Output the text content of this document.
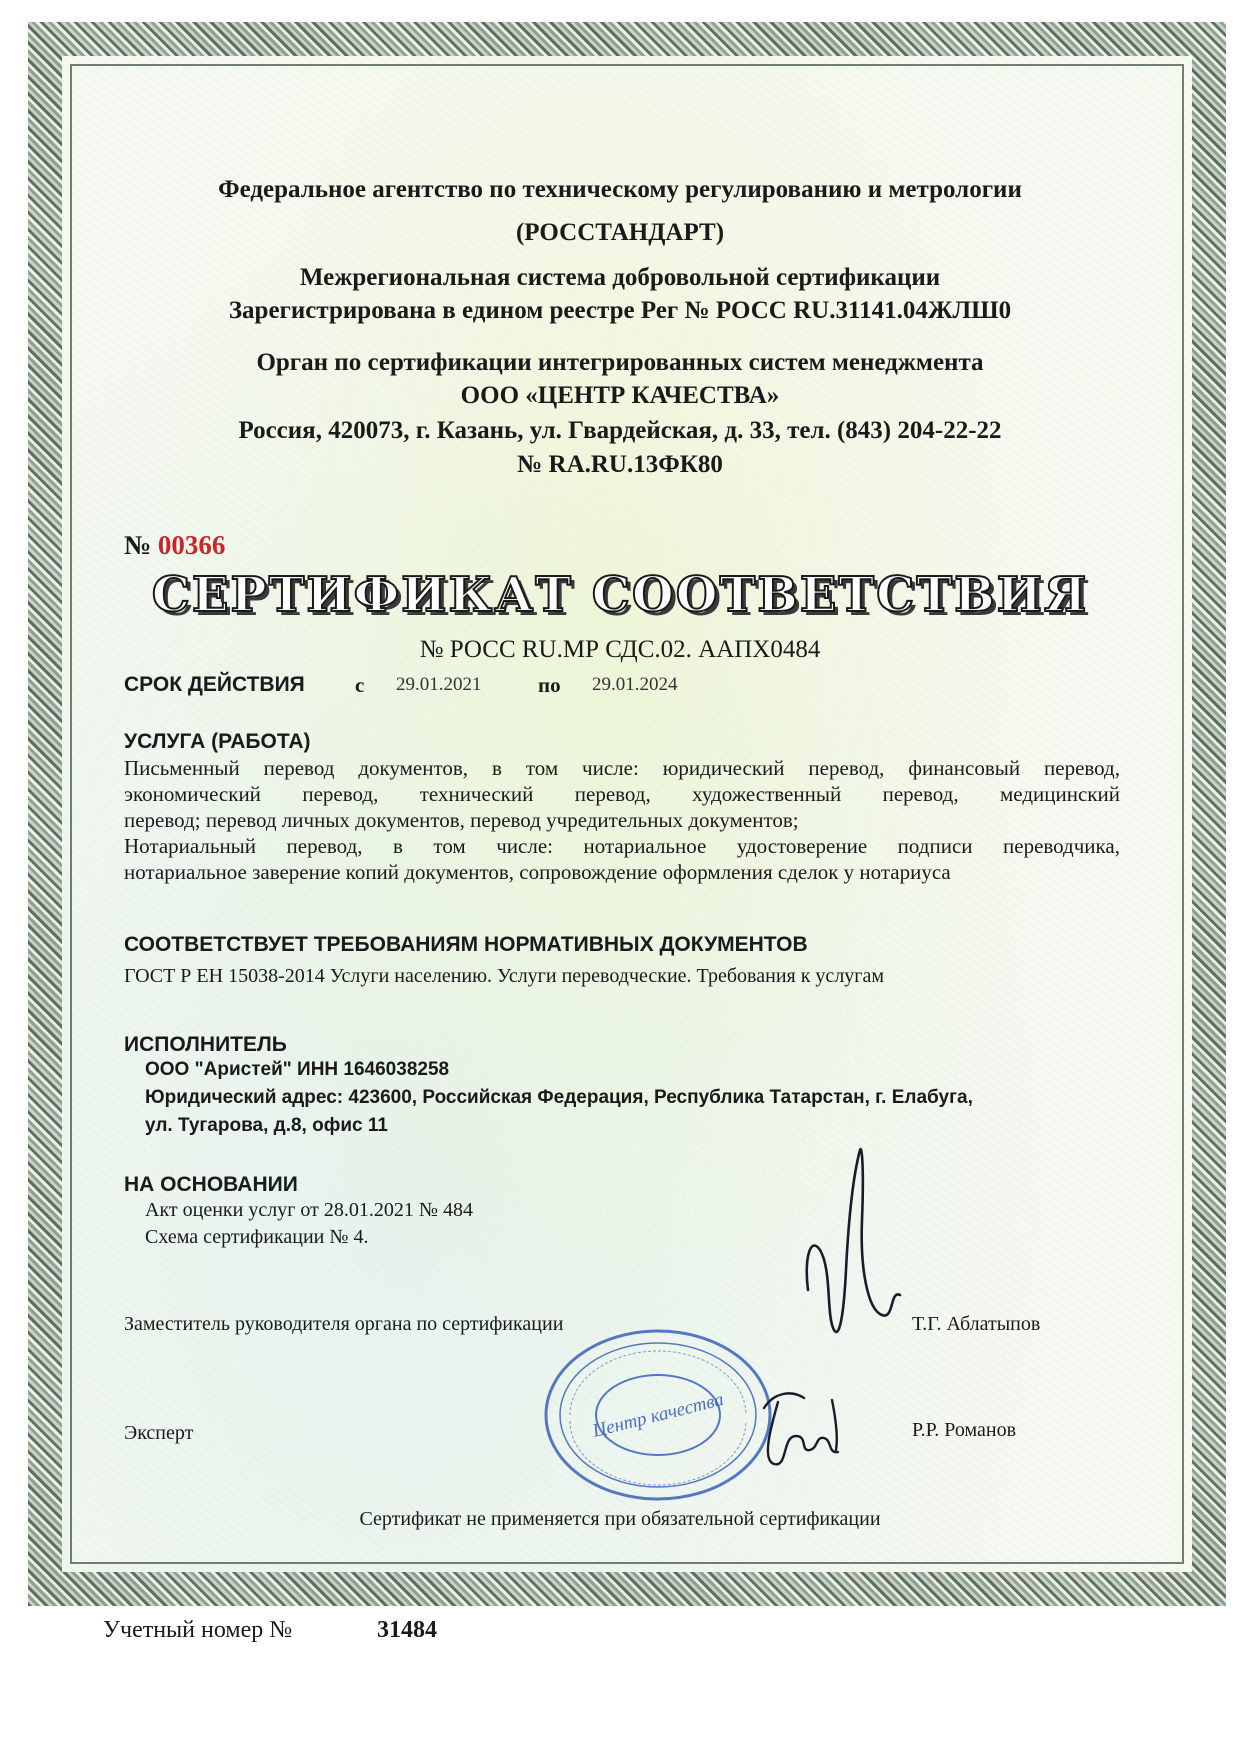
Федеральное агентство по техническому регулированию и метрологии
(РОССТАНДАРТ)
Межрегиональная система добровольной сертификации
Зарегистрирована в едином реестре Рег № РОСС RU.31141.04ЖЛШ0
Орган по сертификации интегрированных систем менеджмента
ООО «ЦЕНТР КАЧЕСТВА»
Россия, 420073, г. Казань, ул. Гвардейская, д. 33, тел. (843) 204-22-22
№ RA.RU.13ФК80
№ 00366
СЕРТИФИКАТ СООТВЕТСТВИЯ
№ РОСС RU.МР СДС.02. ААПХ0484
СРОК ДЕЙСТВИЯ с 29.01.2021	по 29.01.2024
УСЛУГА (РАБОТА)
Письменный перевод документов, в том числе: юридический перевод, финансовый перевод,
экономический перевод, технический перевод, художественный перевод, медицинский
перевод; перевод личных документов, перевод учредительных документов;
Нотариальный перевод, в том числе: нотариальное удостоверение подписи переводчика,
нотариальное заверение копий документов, сопровождение оформления сделок у нотариуса
СООТВЕТСТВУЕТ ТРЕБОВАНИЯМ НОРМАТИВНЫХ ДОКУМЕНТОВ
ГОСТ Р ЕН 15038-2014 Услуги населению. Услуги переводческие. Требования к услугам
ИСПОЛНИТЕЛЬ
ООО "Аристей" ИНН 1646038258
Юридический адрес: 423600, Российская Федерация, Республика Татарстан, г. Елабуга,
ул. Тугарова, д.8, офис 11
НА ОСНОВАНИИ
Акт оценки услуг от 28.01.2021 № 484
Схема сертификации № 4.
Центр качества
Заместитель руководителя органа по сертификации	Т.Г. Аблатыпов
Эксперт	Р.Р. Романов
Сертификат не применяется при обязательной сертификации
Учетный номер №	31484
